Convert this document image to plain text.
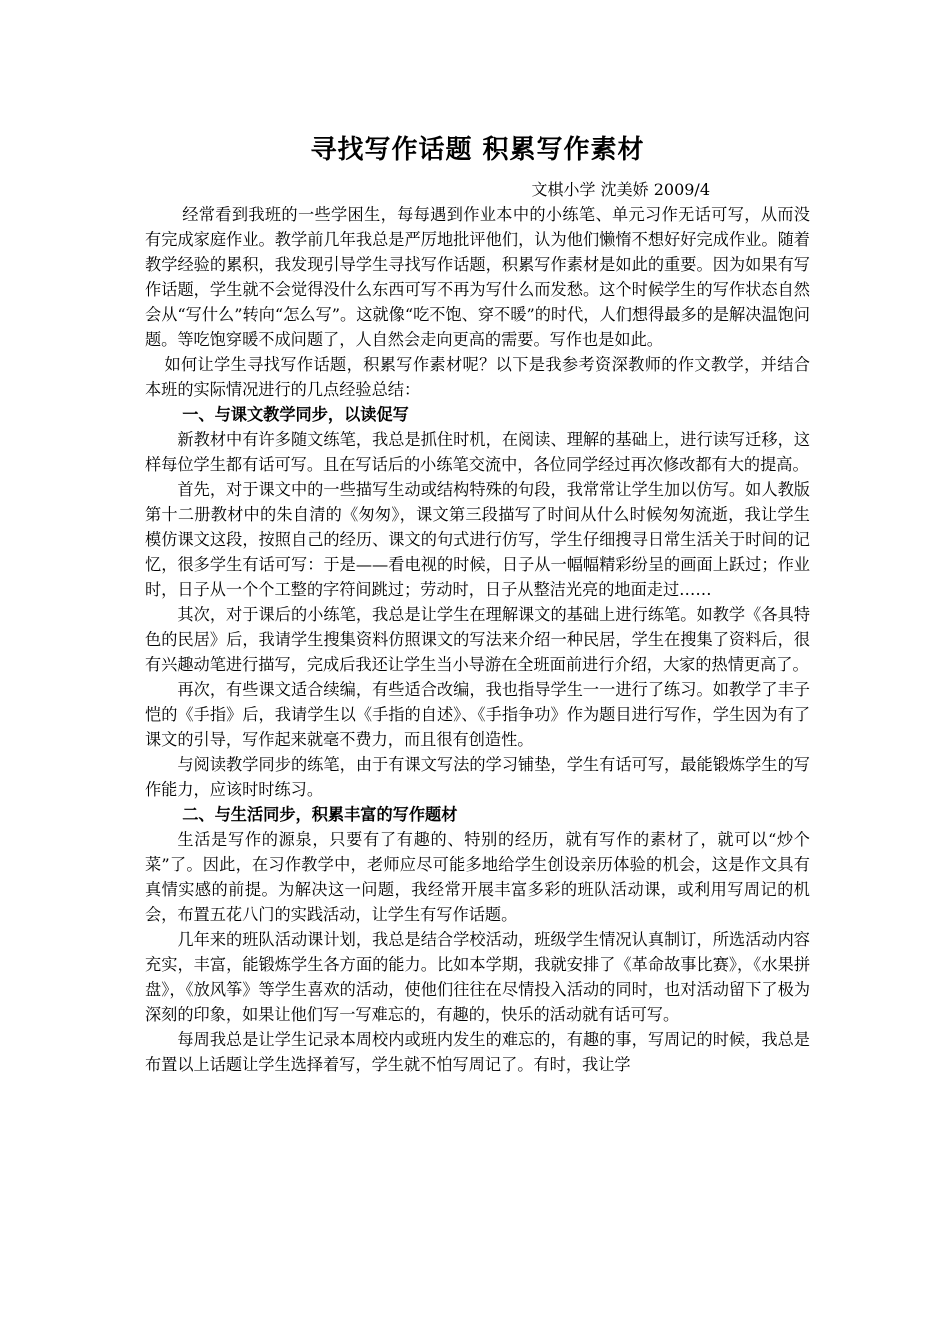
寻找写作话题 积累写作素材

文棋小学 沈美娇 2009/4

经常看到我班的一些学困生，每每遇到作业本中的小练笔、单元习作无话可写，从而没有完成家庭作业。教学前几年我总是严厉地批评他们，认为他们懒惰不想好好完成作业。随着教学经验的累积，我发现引导学生寻找写作话题，积累写作素材是如此的重要。因为如果有写作话题，学生就不会觉得没什么东西可写不再为写什么而发愁。这个时候学生的写作状态自然会从“写什么”转向“怎么写”。这就像“吃不饱、穿不暖”的时代，人们想得最多的是解决温饱问题。等吃饱穿暖不成问题了，人自然会走向更高的需要。写作也是如此。

如何让学生寻找写作话题，积累写作素材呢？以下是我参考资深教师的作文教学，并结合本班的实际情况进行的几点经验总结：

一、与课文教学同步，以读促写

新教材中有许多随文练笔，我总是抓住时机，在阅读、理解的基础上，进行读写迁移，这样每位学生都有话可写。且在写话后的小练笔交流中，各位同学经过再次修改都有大的提高。

首先，对于课文中的一些描写生动或结构特殊的句段，我常常让学生加以仿写。如人教版第十二册教材中的朱自清的《匆匆》，课文第三段描写了时间从什么时候匆匆流逝，我让学生模仿课文这段，按照自己的经历、课文的句式进行仿写，学生仔细搜寻日常生活关于时间的记忆，很多学生有话可写：于是——看电视的时候，日子从一幅幅精彩纷呈的画面上跃过；作业时，日子从一个个工整的字符间跳过；劳动时，日子从整洁光亮的地面走过……

其次，对于课后的小练笔，我总是让学生在理解课文的基础上进行练笔。如教学《各具特色的民居》后，我请学生搜集资料仿照课文的写法来介绍一种民居，学生在搜集了资料后，很有兴趣动笔进行描写，完成后我还让学生当小导游在全班面前进行介绍，大家的热情更高了。

再次，有些课文适合续编，有些适合改编，我也指导学生一一进行了练习。如教学了丰子恺的《手指》后，我请学生以《手指的自述》、《手指争功》作为题目进行写作，学生因为有了课文的引导，写作起来就毫不费力，而且很有创造性。

与阅读教学同步的练笔，由于有课文写法的学习铺垫，学生有话可写，最能锻炼学生的写作能力，应该时时练习。

二、与生活同步，积累丰富的写作题材

生活是写作的源泉，只要有了有趣的、特别的经历，就有写作的素材了，就可以“炒个菜”了。因此，在习作教学中，老师应尽可能多地给学生创设亲历体验的机会，这是作文具有真情实感的前提。为解决这一问题，我经常开展丰富多彩的班队活动课，或利用写周记的机会，布置五花八门的实践活动，让学生有写作话题。

几年来的班队活动课计划，我总是结合学校活动，班级学生情况认真制订，所选活动内容充实，丰富，能锻炼学生各方面的能力。比如本学期，我就安排了《革命故事比赛》，《水果拼盘》，《放风筝》等学生喜欢的活动，使他们往往在尽情投入活动的同时，也对活动留下了极为深刻的印象，如果让他们写一写难忘的，有趣的，快乐的活动就有话可写。

每周我总是让学生记录本周校内或班内发生的难忘的，有趣的事，写周记的时候，我总是布置以上话题让学生选择着写，学生就不怕写周记了。有时，我让学
